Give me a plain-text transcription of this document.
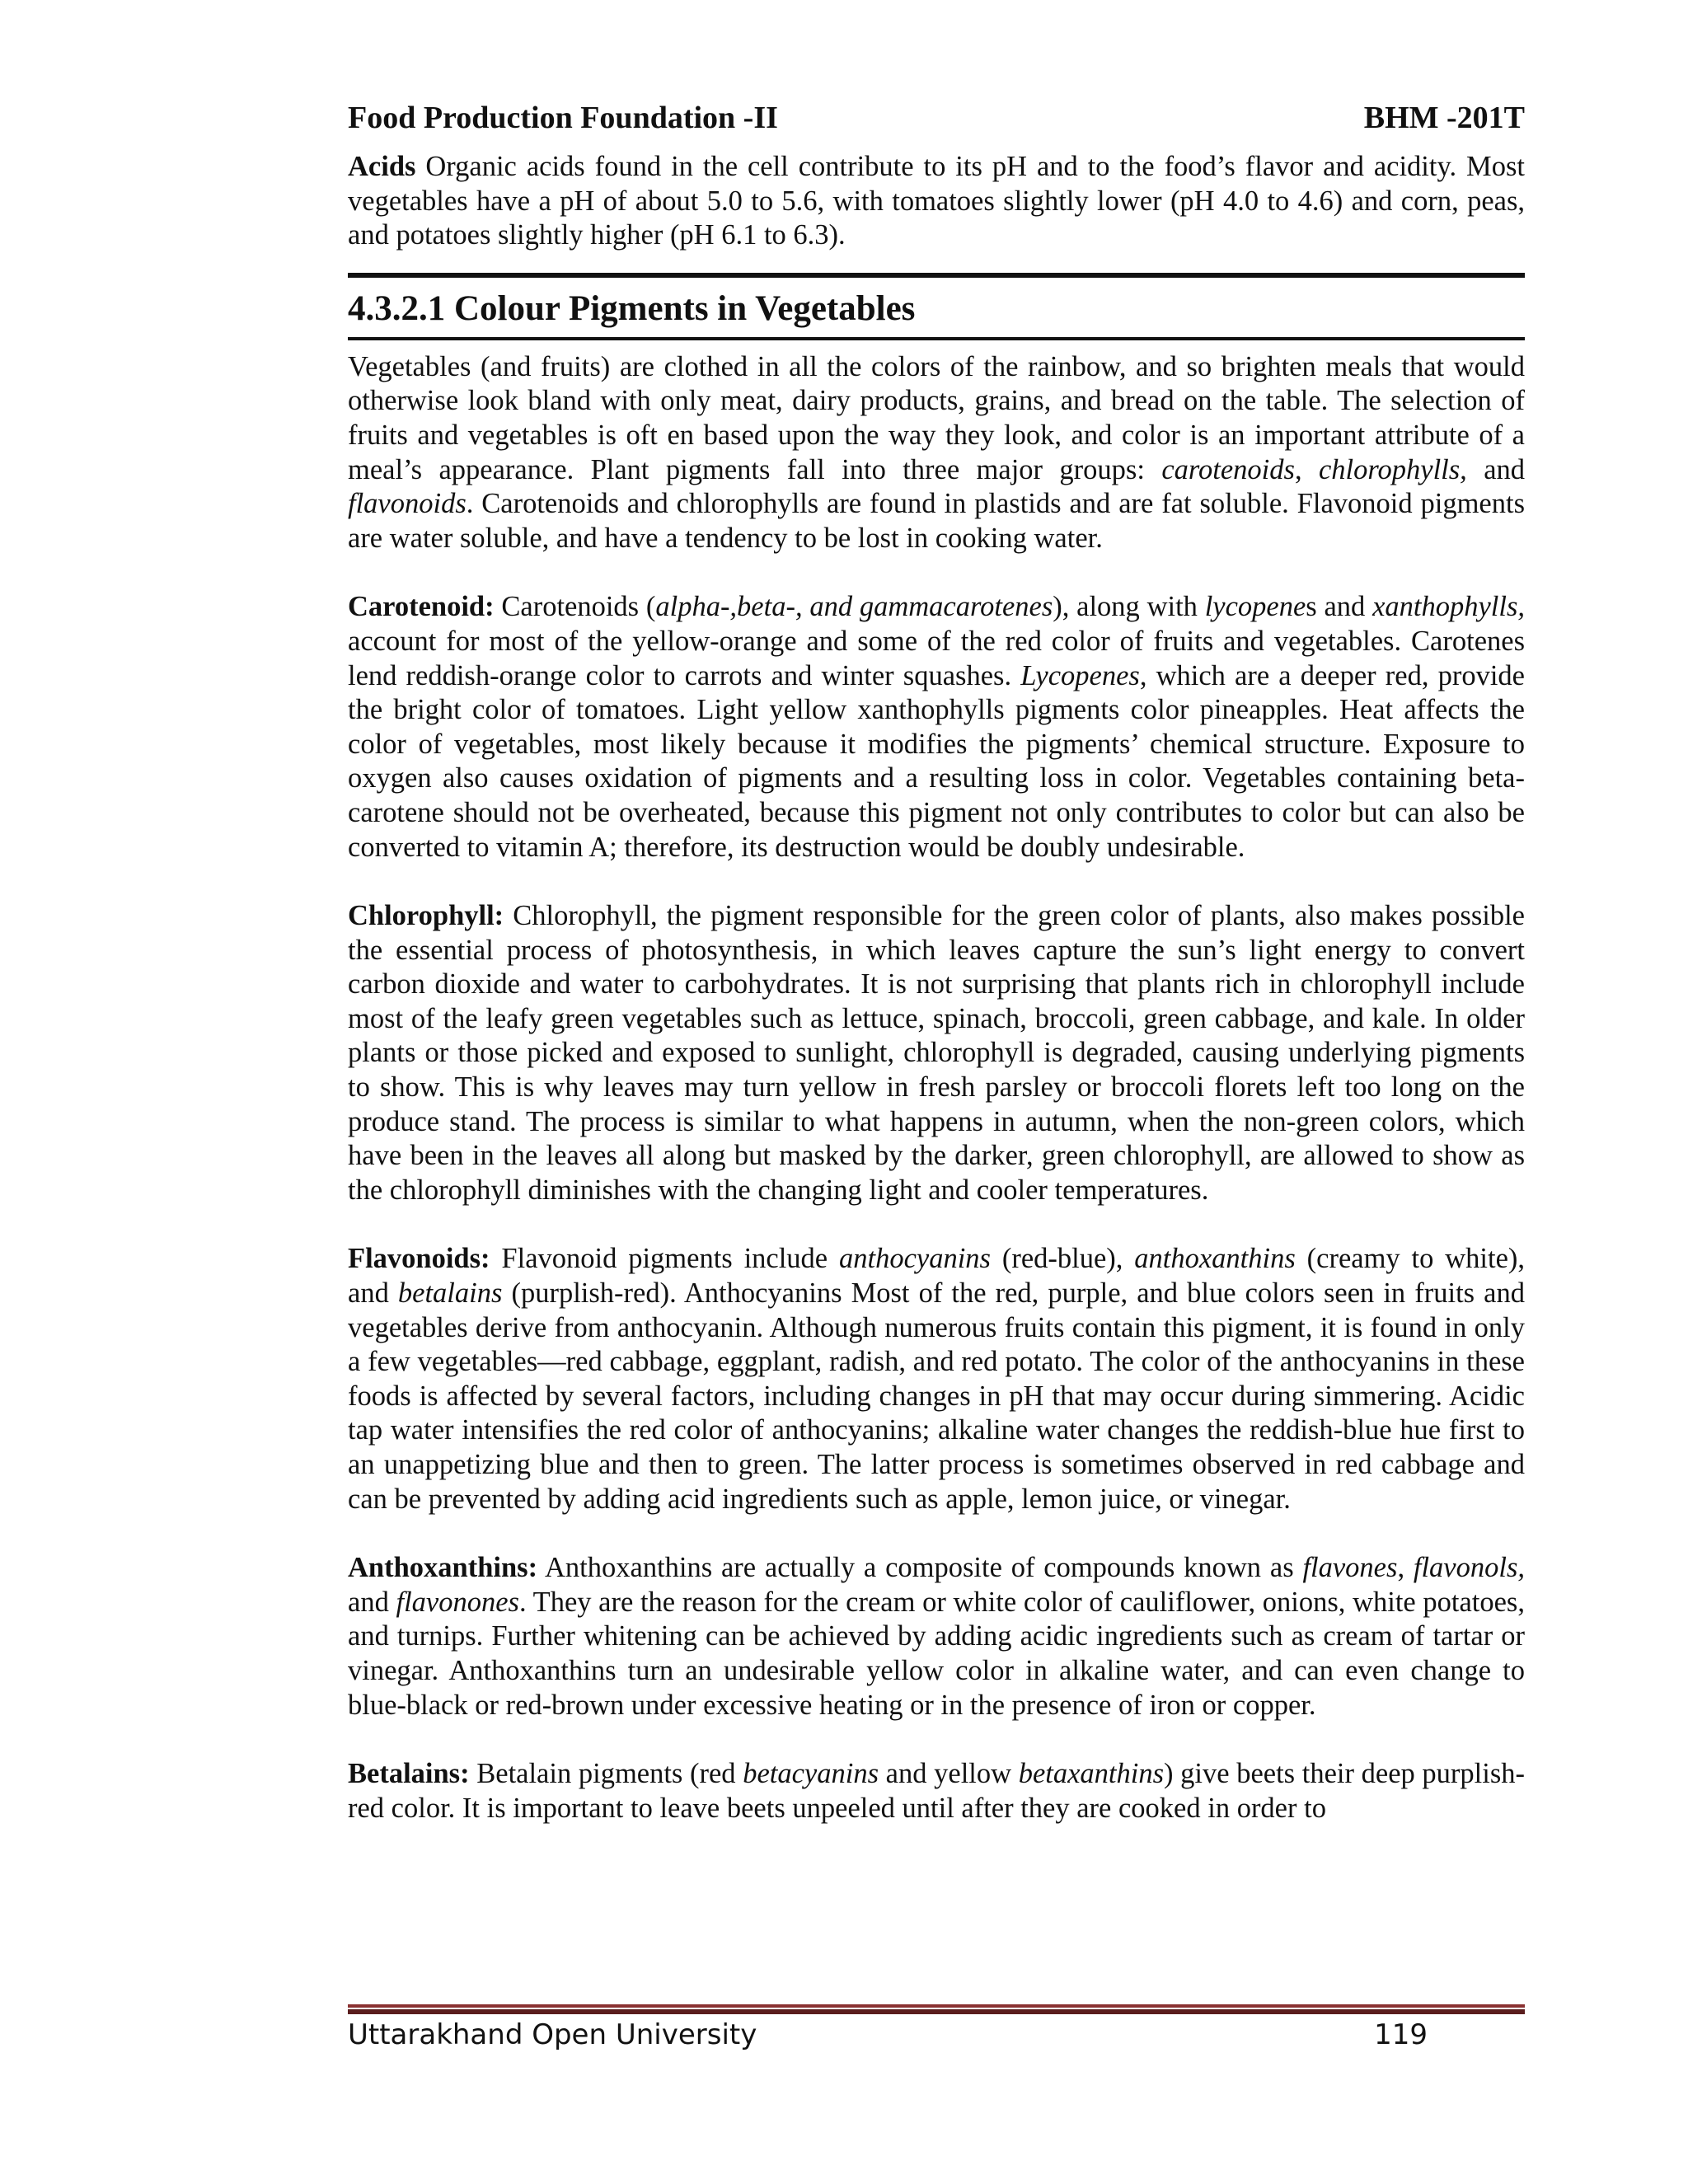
Food Production Foundation -II	BHM -201T

Acids Organic acids found in the cell contribute to its pH and to the food’s flavor and acidity. Most vegetables have a pH of about 5.0 to 5.6, with tomatoes slightly lower (pH 4.0 to 4.6) and corn, peas, and potatoes slightly higher (pH 6.1 to 6.3).

4.3.2.1 Colour Pigments in Vegetables

Vegetables (and fruits) are clothed in all the colors of the rainbow, and so brighten meals that would otherwise look bland with only meat, dairy products, grains, and bread on the table. The selection of fruits and vegetables is oft en based upon the way they look, and color is an important attribute of a meal’s appearance. Plant pigments fall into three major groups: carotenoids, chlorophylls, and flavonoids. Carotenoids and chlorophylls are found in plastids and are fat soluble. Flavonoid pigments are water soluble, and have a tendency to be lost in cooking water.

Carotenoid: Carotenoids (alpha-,beta-, and gammacarotenes), along with lycopenes and xanthophylls, account for most of the yellow-orange and some of the red color of fruits and vegetables. Carotenes lend reddish-orange color to carrots and winter squashes. Lycopenes, which are a deeper red, provide the bright color of tomatoes. Light yellow xanthophylls pigments color pineapples. Heat affects the color of vegetables, most likely because it modifies the pigments’ chemical structure. Exposure to oxygen also causes oxidation of pigments and a resulting loss in color. Vegetables containing beta-carotene should not be overheated, because this pigment not only contributes to color but can also be converted to vitamin A; therefore, its destruction would be doubly undesirable.

Chlorophyll: Chlorophyll, the pigment responsible for the green color of plants, also makes possible the essential process of photosynthesis, in which leaves capture the sun’s light energy to convert carbon dioxide and water to carbohydrates. It is not surprising that plants rich in chlorophyll include most of the leafy green vegetables such as lettuce, spinach, broccoli, green cabbage, and kale. In older plants or those picked and exposed to sunlight, chlorophyll is degraded, causing underlying pigments to show. This is why leaves may turn yellow in fresh parsley or broccoli florets left too long on the produce stand. The process is similar to what happens in autumn, when the non-green colors, which have been in the leaves all along but masked by the darker, green chlorophyll, are allowed to show as the chlorophyll diminishes with the changing light and cooler temperatures.

Flavonoids: Flavonoid pigments include anthocyanins (red-blue), anthoxanthins (creamy to white), and betalains (purplish-red). Anthocyanins Most of the red, purple, and blue colors seen in fruits and vegetables derive from anthocyanin. Although numerous fruits contain this pigment, it is found in only a few vegetables—red cabbage, eggplant, radish, and red potato. The color of the anthocyanins in these foods is affected by several factors, including changes in pH that may occur during simmering. Acidic tap water intensifies the red color of anthocyanins; alkaline water changes the reddish-blue hue first to an unappetizing blue and then to green. The latter process is sometimes observed in red cabbage and can be prevented by adding acid ingredients such as apple, lemon juice, or vinegar.

Anthoxanthins: Anthoxanthins are actually a composite of compounds known as flavones, flavonols, and flavonones. They are the reason for the cream or white color of cauliflower, onions, white potatoes, and turnips. Further whitening can be achieved by adding acidic ingredients such as cream of tartar or vinegar. Anthoxanthins turn an undesirable yellow color in alkaline water, and can even change to blue-black or red-brown under excessive heating or in the presence of iron or copper.

Betalains: Betalain pigments (red betacyanins and yellow betaxanthins) give beets their deep purplish-red color. It is important to leave beets unpeeled until after they are cooked in order to

Uttarakhand Open University	119
